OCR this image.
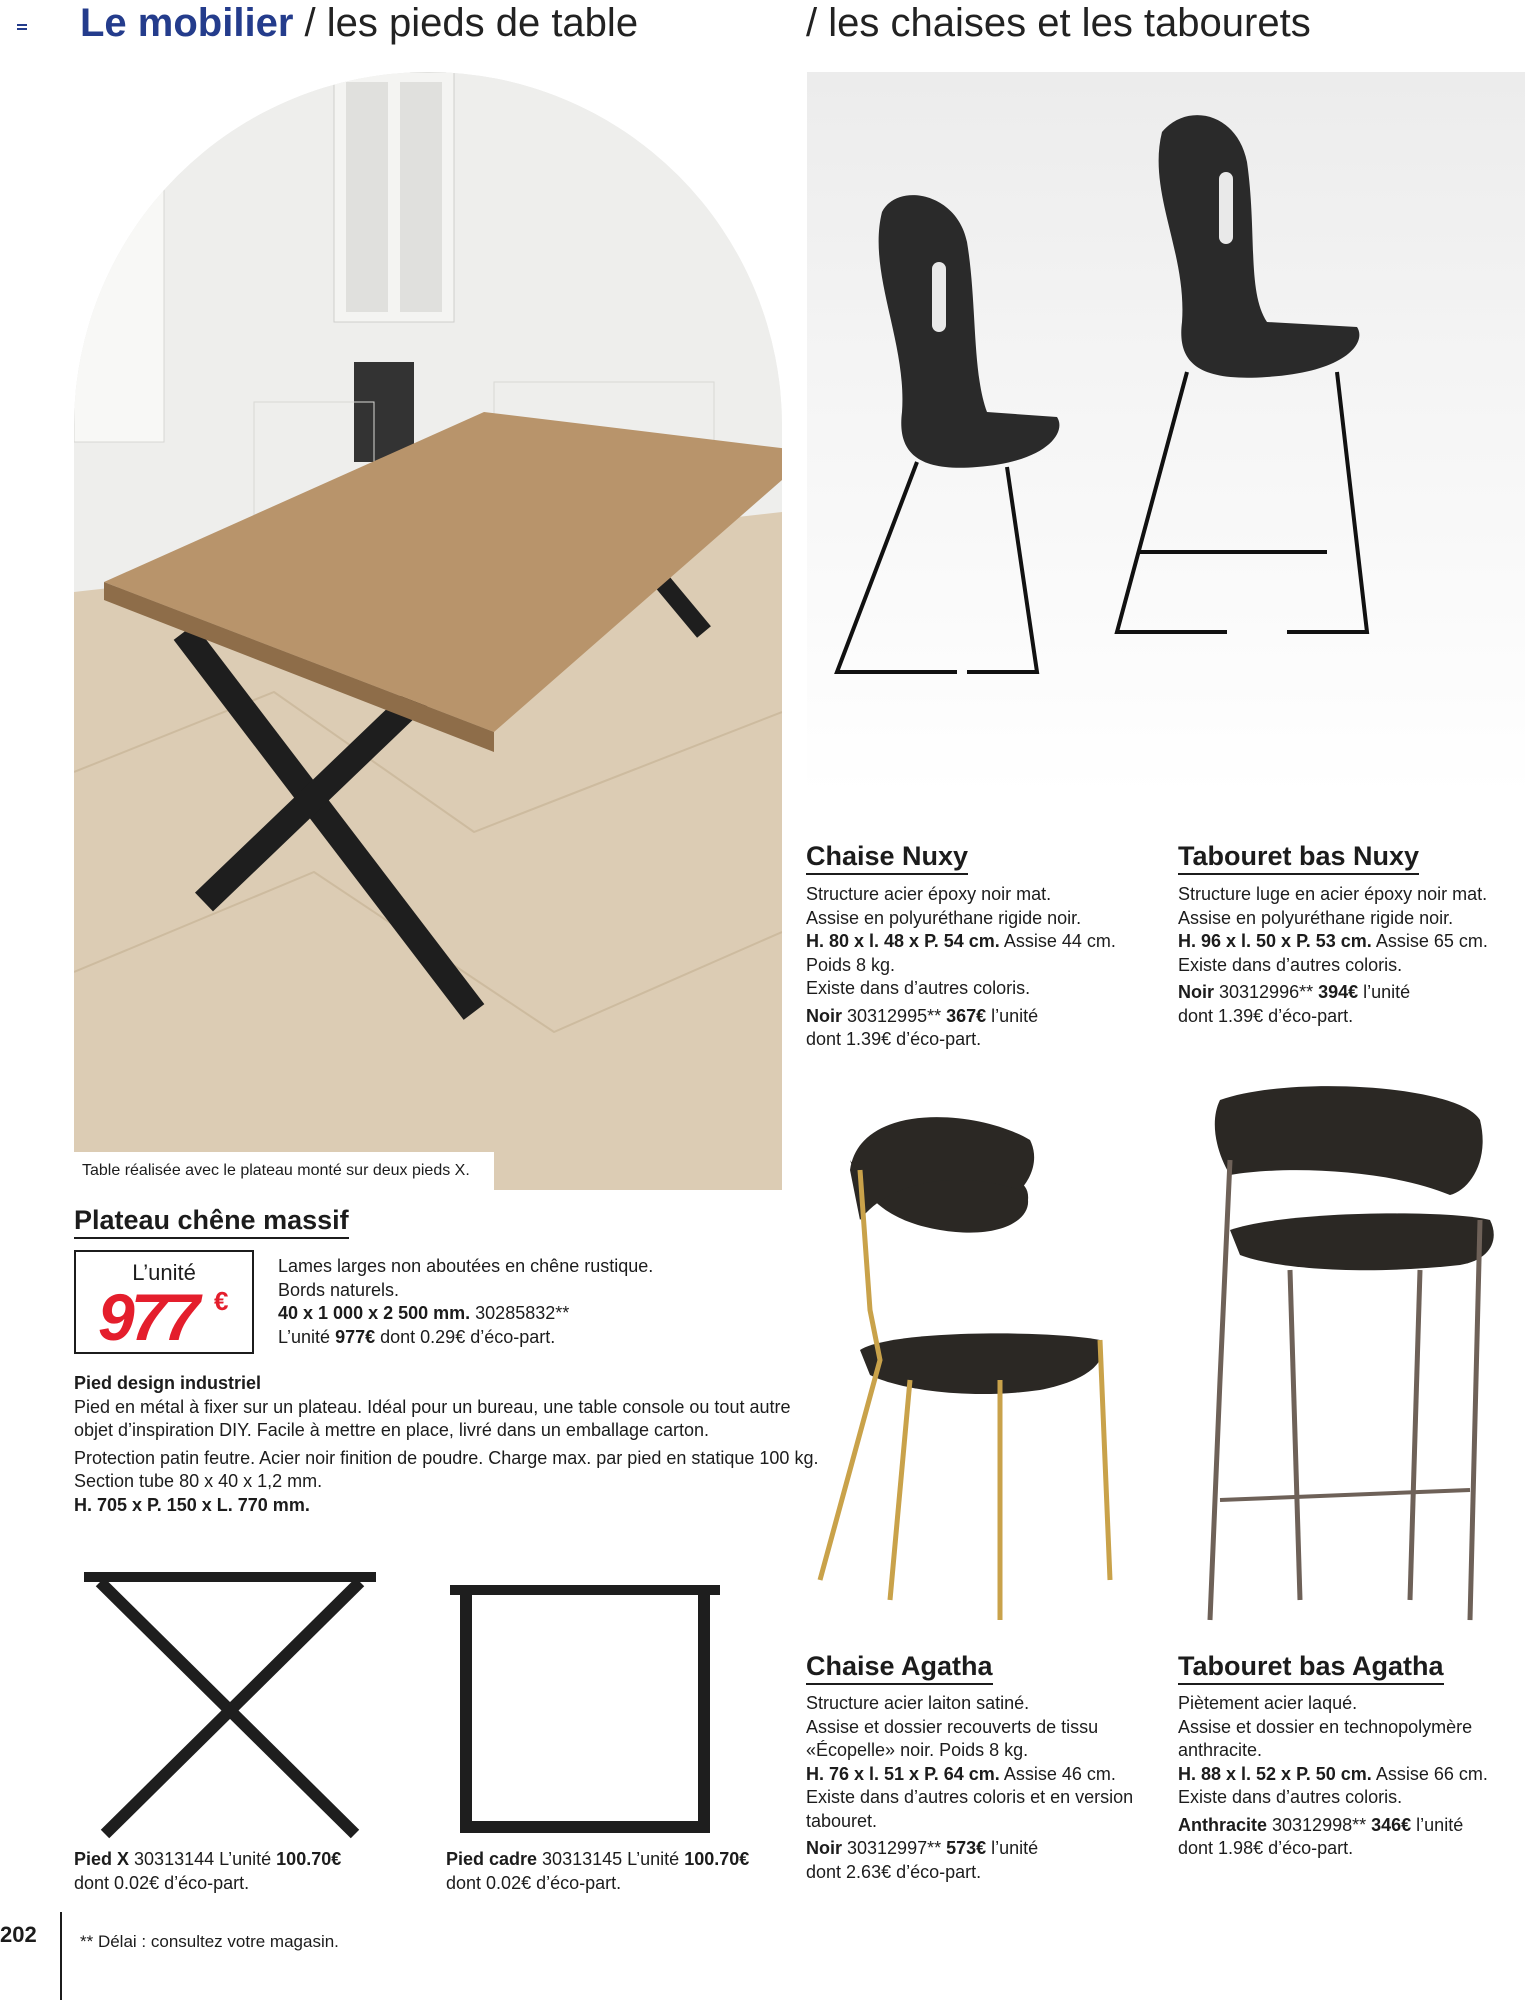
Le mobilier / les pieds de table	/ les chaises et les tabourets
Table réalisée avec le plateau monté sur deux pieds X.
Plateau chêne massif
L’unité
977 €
Lames larges non aboutées en chêne rustique.
Bords naturels.
40 x 1 000 x 2 500 mm. 30285832**
L’unité 977€ dont 0.29€ d’éco-part.
Pied design industriel
Pied en métal à fixer sur un plateau. Idéal pour un bureau, une table console ou tout autre
objet d’inspiration DIY. Facile à mettre en place, livré dans un emballage carton.
Protection patin feutre. Acier noir finition de poudre. Charge max. par pied en statique 100 kg.
Section tube 80 x 40 x 1,2 mm.
H. 705 x P. 150 x L. 770 mm.
Pied X 30313144 L’unité 100.70€
dont 0.02€ d’éco-part.
Pied cadre 30313145 L’unité 100.70€
dont 0.02€ d’éco-part.
Chaise Nuxy
Structure acier époxy noir mat.
Assise en polyuréthane rigide noir.
H. 80 x l. 48 x P. 54 cm. Assise 44 cm.
Poids 8 kg.
Existe dans d’autres coloris.
Noir 30312995** 367€ l’unité
dont 1.39€ d’éco-part.
Tabouret bas Nuxy
Structure luge en acier époxy noir mat.
Assise en polyuréthane rigide noir.
H. 96 x l. 50 x P. 53 cm. Assise 65 cm.
Existe dans d’autres coloris.
Noir 30312996** 394€ l’unité
dont 1.39€ d’éco-part.
Chaise Agatha
Structure acier laiton satiné.
Assise et dossier recouverts de tissu
«Écopelle» noir. Poids 8 kg.
H. 76 x l. 51 x P. 64 cm. Assise 46 cm.
Existe dans d’autres coloris et en version
tabouret.
Noir 30312997** 573€ l’unité
dont 2.63€ d’éco-part.
Tabouret bas Agatha
Piètement acier laqué.
Assise et dossier en technopolymère
anthracite.
H. 88 x l. 52 x P. 50 cm. Assise 66 cm.
Existe dans d’autres coloris.
Anthracite 30312998** 346€ l’unité
dont 1.98€ d’éco-part.
202	** Délai : consultez votre magasin.
